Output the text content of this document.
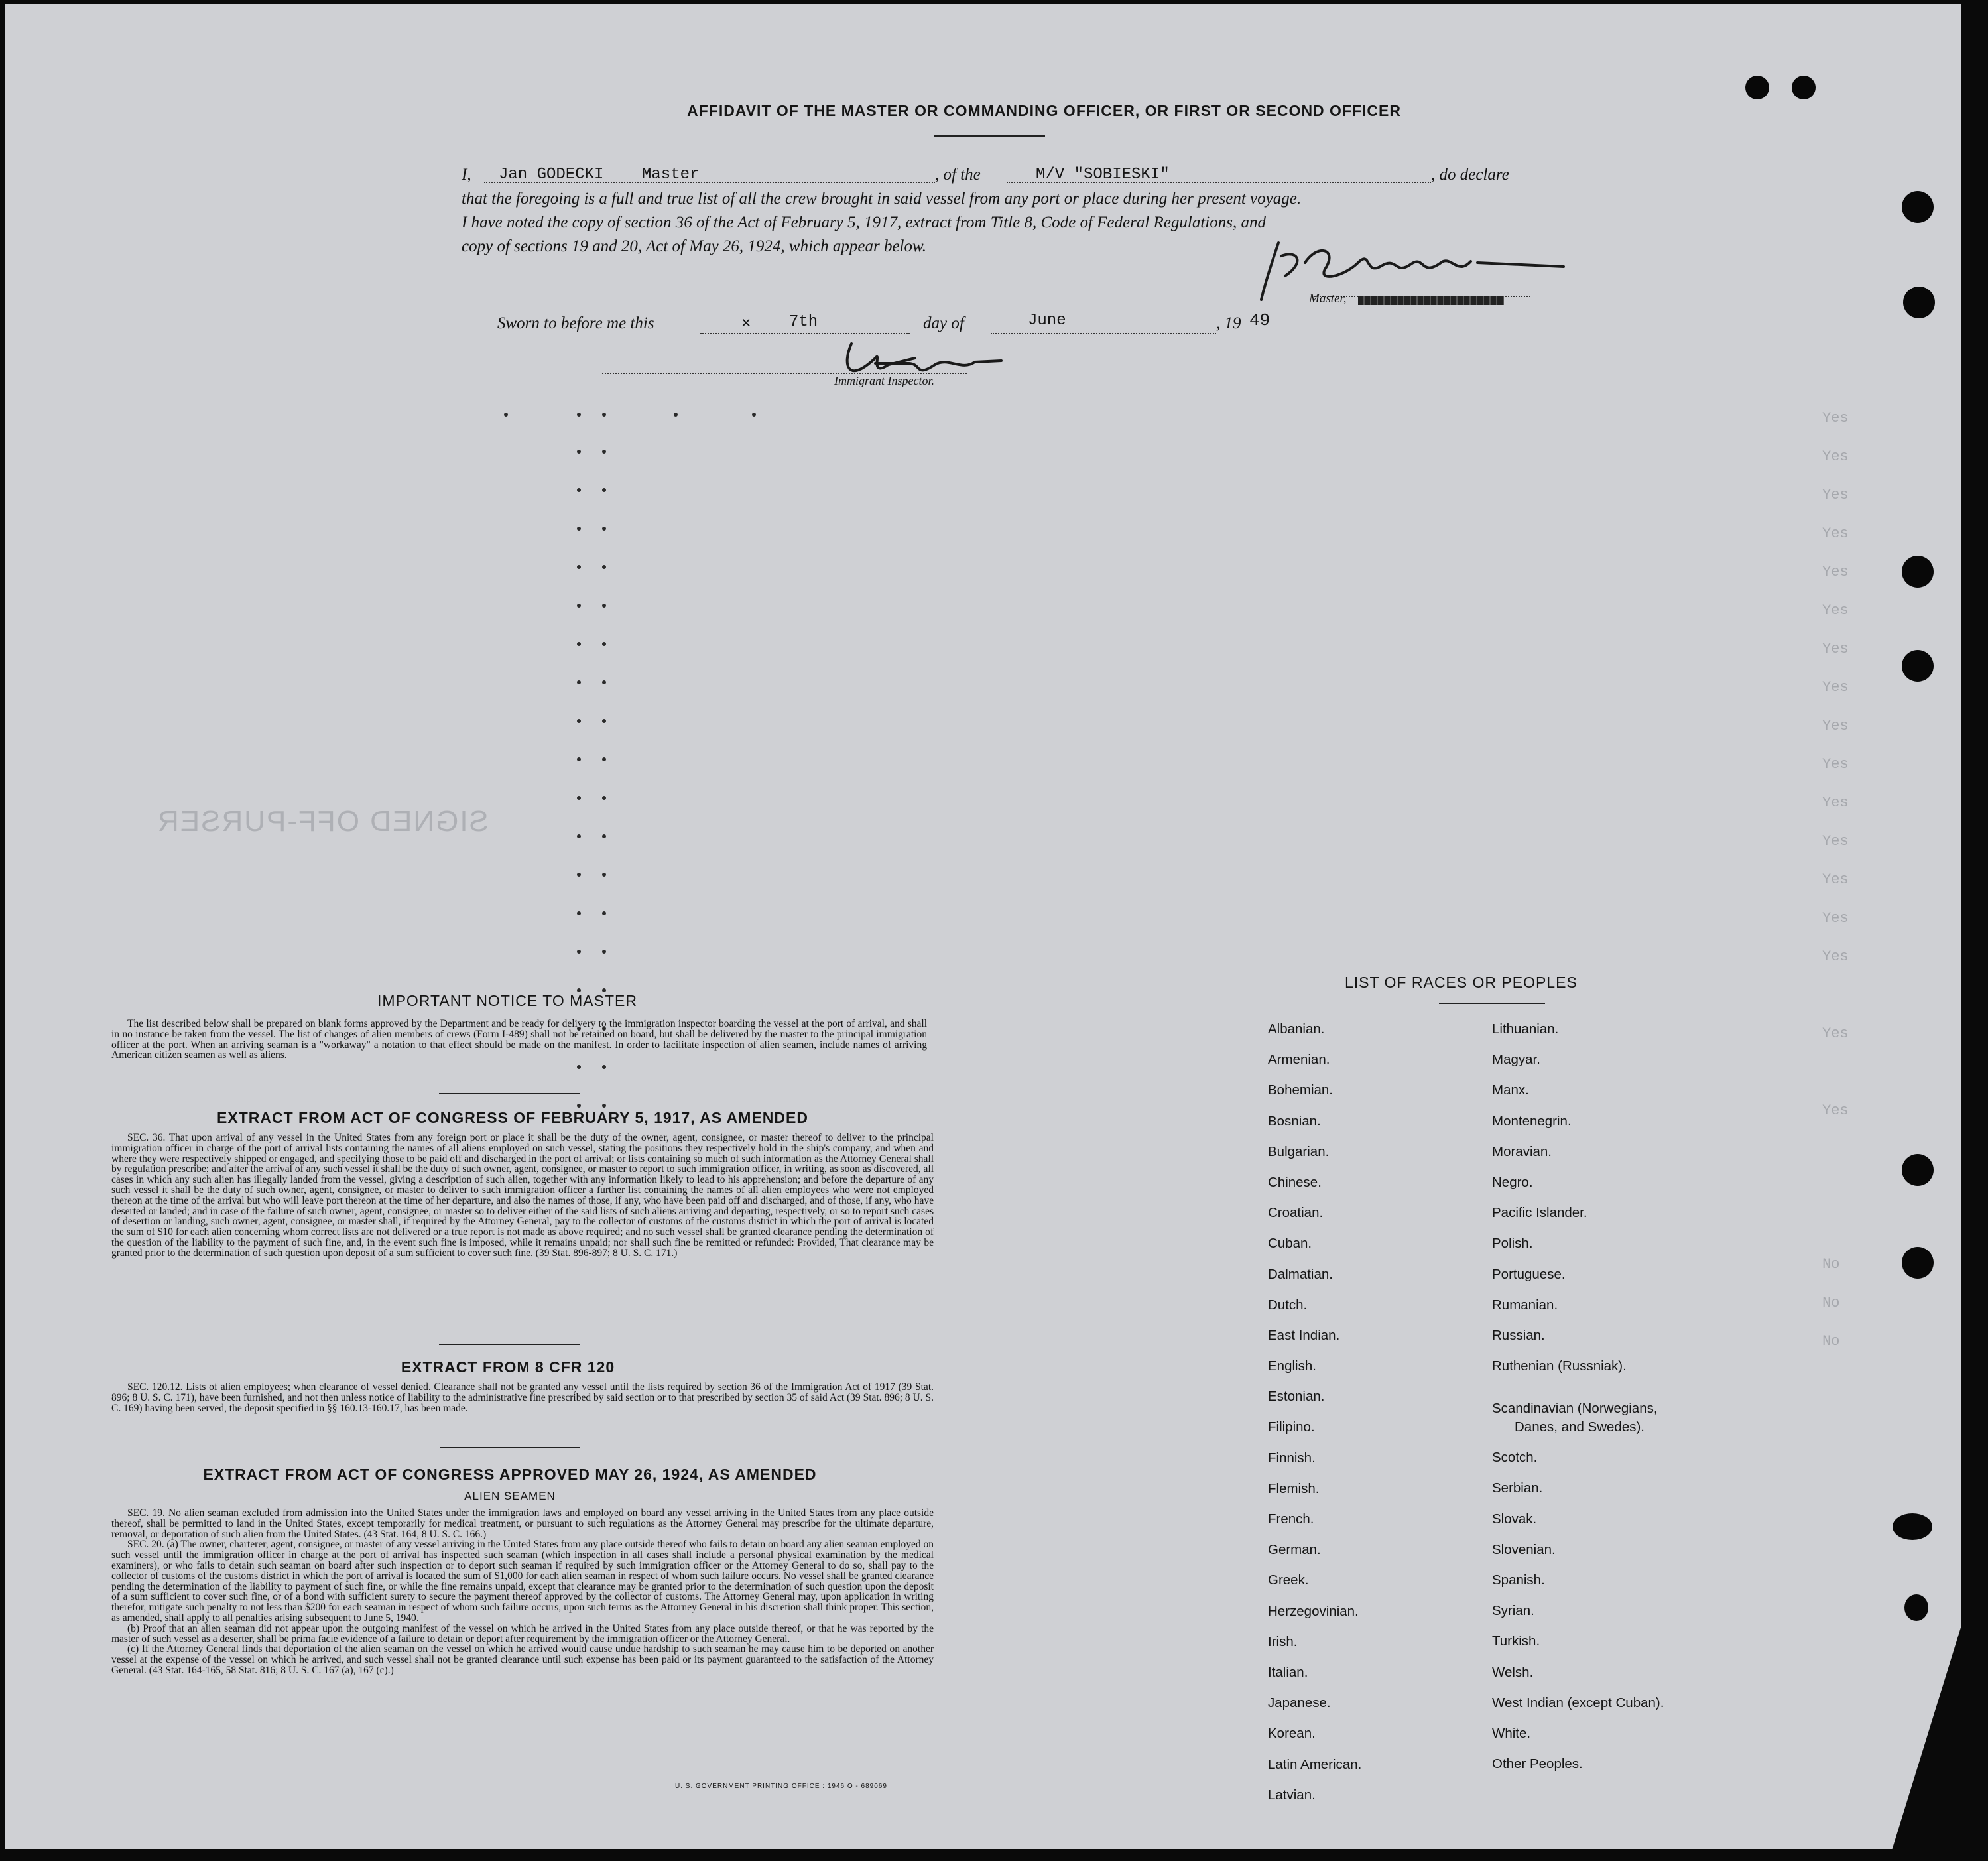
Yes
Yes
Yes
Yes
Yes
Yes
Yes
Yes
Yes
Yes
Yes
Yes
Yes
Yes
Yes
Yes
Yes
No
No
No
SIGNED OFF-PURSER
AFFIDAVIT OF THE MASTER OR COMMANDING OFFICER, OR FIRST OR SECOND OFFICER
I, Jan GODECKI Master	, of the	M/V "SOBIESKI"	, do declare
that the foregoing is a full and true list of all the crew brought in said vessel from any port or place during her present voyage.
I have noted the copy of section 36 of the Act of February 5, 1917, extract from Title 8, Code of Federal Regulations, and
copy of sections 19 and 20, Act of May 26, 1924, which appear below.
Master,
Sworn to before me this	⨯ 7th	day of	June	, 19 49
Immigrant Inspector.
IMPORTANT NOTICE TO MASTER

The list described below shall be prepared on blank forms approved by the Department and be ready for delivery to the immigration inspector boarding the vessel at the port of arrival, and shall in no instance be taken from the vessel. The list of changes of alien members of crews (Form I-489) shall not be retained on board, but shall be delivered by the master to the principal immigration officer at the port. When an arriving seaman is a "workaway" a notation to that effect should be made on the manifest. In order to facilitate inspection of alien seamen, include names of arriving American citizen seamen as well as aliens.

EXTRACT FROM ACT OF CONGRESS OF FEBRUARY 5, 1917, AS AMENDED

SEC. 36. That upon arrival of any vessel in the United States from any foreign port or place it shall be the duty of the owner, agent, consignee, or master thereof to deliver to the principal immigration officer in charge of the port of arrival lists containing the names of all aliens employed on such vessel, stating the positions they respectively hold in the ship's company, and when and where they were respectively shipped or engaged, and specifying those to be paid off and discharged in the port of arrival; or lists containing so much of such information as the Attorney General shall by regulation prescribe; and after the arrival of any such vessel it shall be the duty of such owner, agent, consignee, or master to report to such immigration officer, in writing, as soon as discovered, all cases in which any such alien has illegally landed from the vessel, giving a description of such alien, together with any information likely to lead to his apprehension; and before the departure of any such vessel it shall be the duty of such owner, agent, consignee, or master to deliver to such immigration officer a further list containing the names of all alien employees who were not employed thereon at the time of the arrival but who will leave port thereon at the time of her departure, and also the names of those, if any, who have been paid off and discharged, and of those, if any, who have deserted or landed; and in case of the failure of such owner, agent, consignee, or master so to deliver either of the said lists of such aliens arriving and departing, respectively, or so to report such cases of desertion or landing, such owner, agent, consignee, or master shall, if required by the Attorney General, pay to the collector of customs of the customs district in which the port of arrival is located the sum of $10 for each alien concerning whom correct lists are not delivered or a true report is not made as above required; and no such vessel shall be granted clearance pending the determination of the question of the liability to the payment of such fine, and, in the event such fine is imposed, while it remains unpaid; nor shall such fine be remitted or refunded: Provided, That clearance may be granted prior to the determination of such question upon deposit of a sum sufficient to cover such fine. (39 Stat. 896-897; 8 U. S. C. 171.)

EXTRACT FROM 8 CFR 120

SEC. 120.12. Lists of alien employees; when clearance of vessel denied. Clearance shall not be granted any vessel until the lists required by section 36 of the Immigration Act of 1917 (39 Stat. 896; 8 U. S. C. 171), have been furnished, and not then unless notice of liability to the administrative fine prescribed by said section or to that prescribed by section 35 of said Act (39 Stat. 896; 8 U. S. C. 169) having been served, the deposit specified in §§ 160.13-160.17, has been made.

EXTRACT FROM ACT OF CONGRESS APPROVED MAY 26, 1924, AS AMENDED
ALIEN SEAMEN

SEC. 19. No alien seaman excluded from admission into the United States under the immigration laws and employed on board any vessel arriving in the United States from any place outside thereof, shall be permitted to land in the United States, except temporarily for medical treatment, or pursuant to such regulations as the Attorney General may prescribe for the ultimate departure, removal, or deportation of such alien from the United States. (43 Stat. 164, 8 U. S. C. 166.)

SEC. 20. (a) The owner, charterer, agent, consignee, or master of any vessel arriving in the United States from any place outside thereof who fails to detain on board any alien seaman employed on such vessel until the immigration officer in charge at the port of arrival has inspected such seaman (which inspection in all cases shall include a personal physical examination by the medical examiners), or who fails to detain such seaman on board after such inspection or to deport such seaman if required by such immigration officer or the Attorney General to do so, shall pay to the collector of customs of the customs district in which the port of arrival is located the sum of $1,000 for each alien seaman in respect of whom such failure occurs. No vessel shall be granted clearance pending the determination of the liability to payment of such fine, or while the fine remains unpaid, except that clearance may be granted prior to the determination of such question upon the deposit of a sum sufficient to cover such fine, or of a bond with sufficient surety to secure the payment thereof approved by the collector of customs. The Attorney General may, upon application in writing therefor, mitigate such penalty to not less than $200 for each seaman in respect of whom such failure occurs, upon such terms as the Attorney General in his discretion shall think proper. This section, as amended, shall apply to all penalties arising subsequent to June 5, 1940.

(b) Proof that an alien seaman did not appear upon the outgoing manifest of the vessel on which he arrived in the United States from any place outside thereof, or that he was reported by the master of such vessel as a deserter, shall be prima facie evidence of a failure to detain or deport after requirement by the immigration officer or the Attorney General.

(c) If the Attorney General finds that deportation of the alien seaman on the vessel on which he arrived would cause undue hardship to such seaman he may cause him to be deported on another vessel at the expense of the vessel on which he arrived, and such vessel shall not be granted clearance until such expense has been paid or its payment guaranteed to the satisfaction of the Attorney General. (43 Stat. 164-165, 58 Stat. 816; 8 U. S. C. 167 (a), 167 (c).)

U. S. GOVERNMENT PRINTING OFFICE : 1946 O - 689069
LIST OF RACES OR PEOPLES
Albanian.
Armenian.
Bohemian.
Bosnian.
Bulgarian.
Chinese.
Croatian.
Cuban.
Dalmatian.
Dutch.
East Indian.
English.
Estonian.
Filipino.
Finnish.
Flemish.
French.
German.
Greek.
Herzegovinian.
Irish.
Italian.
Japanese.
Korean.
Latin American.
Latvian.
Lithuanian.
Magyar.
Manx.
Montenegrin.
Moravian.
Negro.
Pacific Islander.
Polish.
Portuguese.
Rumanian.
Russian.
Ruthenian (Russniak).
Scandinavian (Norwegians,
Danes, and Swedes).
Scotch.
Serbian.
Slovak.
Slovenian.
Spanish.
Syrian.
Turkish.
Welsh.
West Indian (except Cuban).
White.
Other Peoples.
